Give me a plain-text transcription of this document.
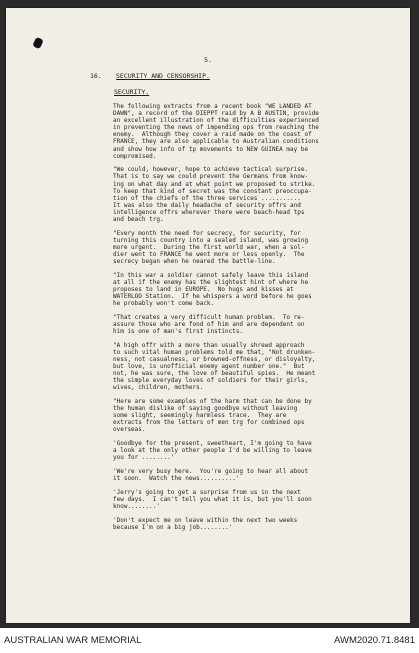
5.
16. SECURITY AND CENSORSHIP.
SECURITY.

The following extracts from a recent book "WE LANDED AT
DAWN", a record of the DIEPPT raid by A B AUSTIN, provide
an excellent illustration of the difficulties experienced
in preventing the news of impending ops from reaching the
enemy.  Although they cover a raid made on the coast of
FRANCE, they are also applicable to Australian conditions
and show how info of tp movements to NEW GUINEA may be
compromised.

"We could, however, hope to achieve tactical surprise.
That is to say we could prevent the Germans from know-
ing on what day and at what point we proposed to strike.
To keep that kind of secret was the constant preoccupa-
tion of the chiefs of the three services ...........
It was also the daily headache of security offrs and
intelligence offrs wherever there were beach-head tps
and beach trg.

"Every month the need for secrecy, for security, for
turning this country into a sealed island, was growing
more urgent.  During the first world war, when a sol-
dier went to FRANCE he went more or less openly.  The
secrecy began when he neared the battle-line.

"In this war a soldier cannot safely leave this island
at all if the enemy has the slightest hint of where he
proposes to land in EUROPE.  No hugs and kisses at
WATERLOO Station.  If he whispers a word before he goes
he probably won't come back.

"That creates a very difficult human problem.  To re-
assure those who are fond of him and are dependent on
him is one of man's first instincts.

"A high offr with a more than usually shrewd approach
to such vital human problems told me that, "Not drunken-
ness, not casualness, or browned-offness, or disloyalty,
but love, is unofficial enemy agent number one."  But
not, he was sure, the love of beautiful spies.  He meant
the simple everyday loves of soldiers for their girls,
wives, children, mothers.

"Here are some examples of the harm that can be done by
the human dislike of saying goodbye without leaving
some slight, seemingly harmless trace.  They are
extracts from the letters of men trg for combined ops
overseas.

'Goodbye for the present, sweetheart, I'm going to have
a look at the only other people I'd be willing to leave
you for ........'

'We're very busy here.  You're going to hear all about
it soon.  Watch the news..........'

'Jerry's going to get a surprise from us in the next
few days.  I can't tell you what it is, but you'll soon
know........'

'Don't expect me on leave within the next two weeks
because I'm on a big job........'

AUSTRALIAN WAR MEMORIAL	AWM2020.71.8481
